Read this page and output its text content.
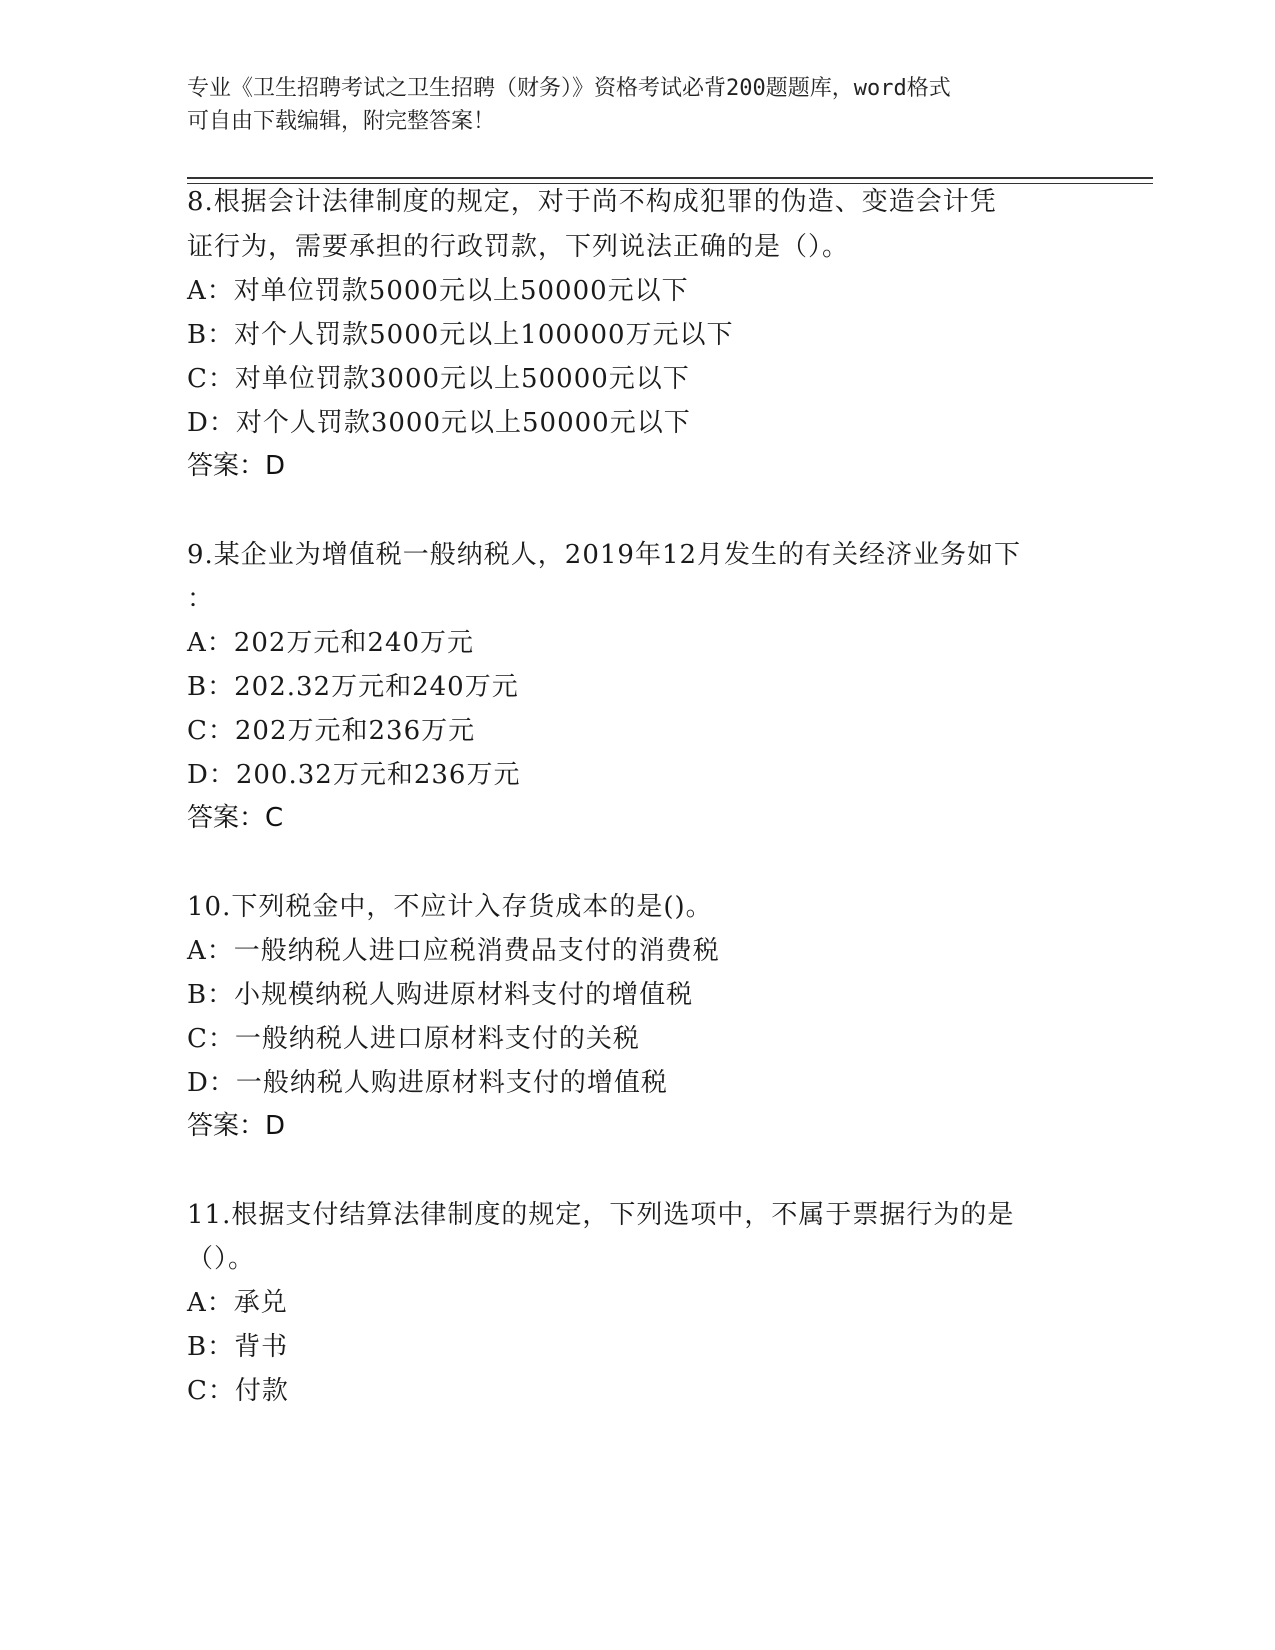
专业《卫生招聘考试之卫生招聘（财务）》资格考试必背200题题库，word格式
可自由下载编辑，附完整答案！
8.根据会计法律制度的规定，对于尚不构成犯罪的伪造、变造会计凭
证行为，需要承担的行政罚款，下列说法正确的是（）。
A：对单位罚款5000元以上50000元以下
B：对个人罚款5000元以上100000万元以下
C：对单位罚款3000元以上50000元以下
D：对个人罚款3000元以上50000元以下
答案：D
9.某企业为增值税一般纳税人，2019年12月发生的有关经济业务如下
：
A：202万元和240万元
B：202.32万元和240万元
C：202万元和236万元
D：200.32万元和236万元
答案：C
10.下列税金中，不应计入存货成本的是()。
A：一般纳税人进口应税消费品支付的消费税
B：小规模纳税人购进原材料支付的增值税
C：一般纳税人进口原材料支付的关税
D：一般纳税人购进原材料支付的增值税
答案：D
11.根据支付结算法律制度的规定，下列选项中，不属于票据行为的是
（）。
A：承兑
B：背书
C：付款
